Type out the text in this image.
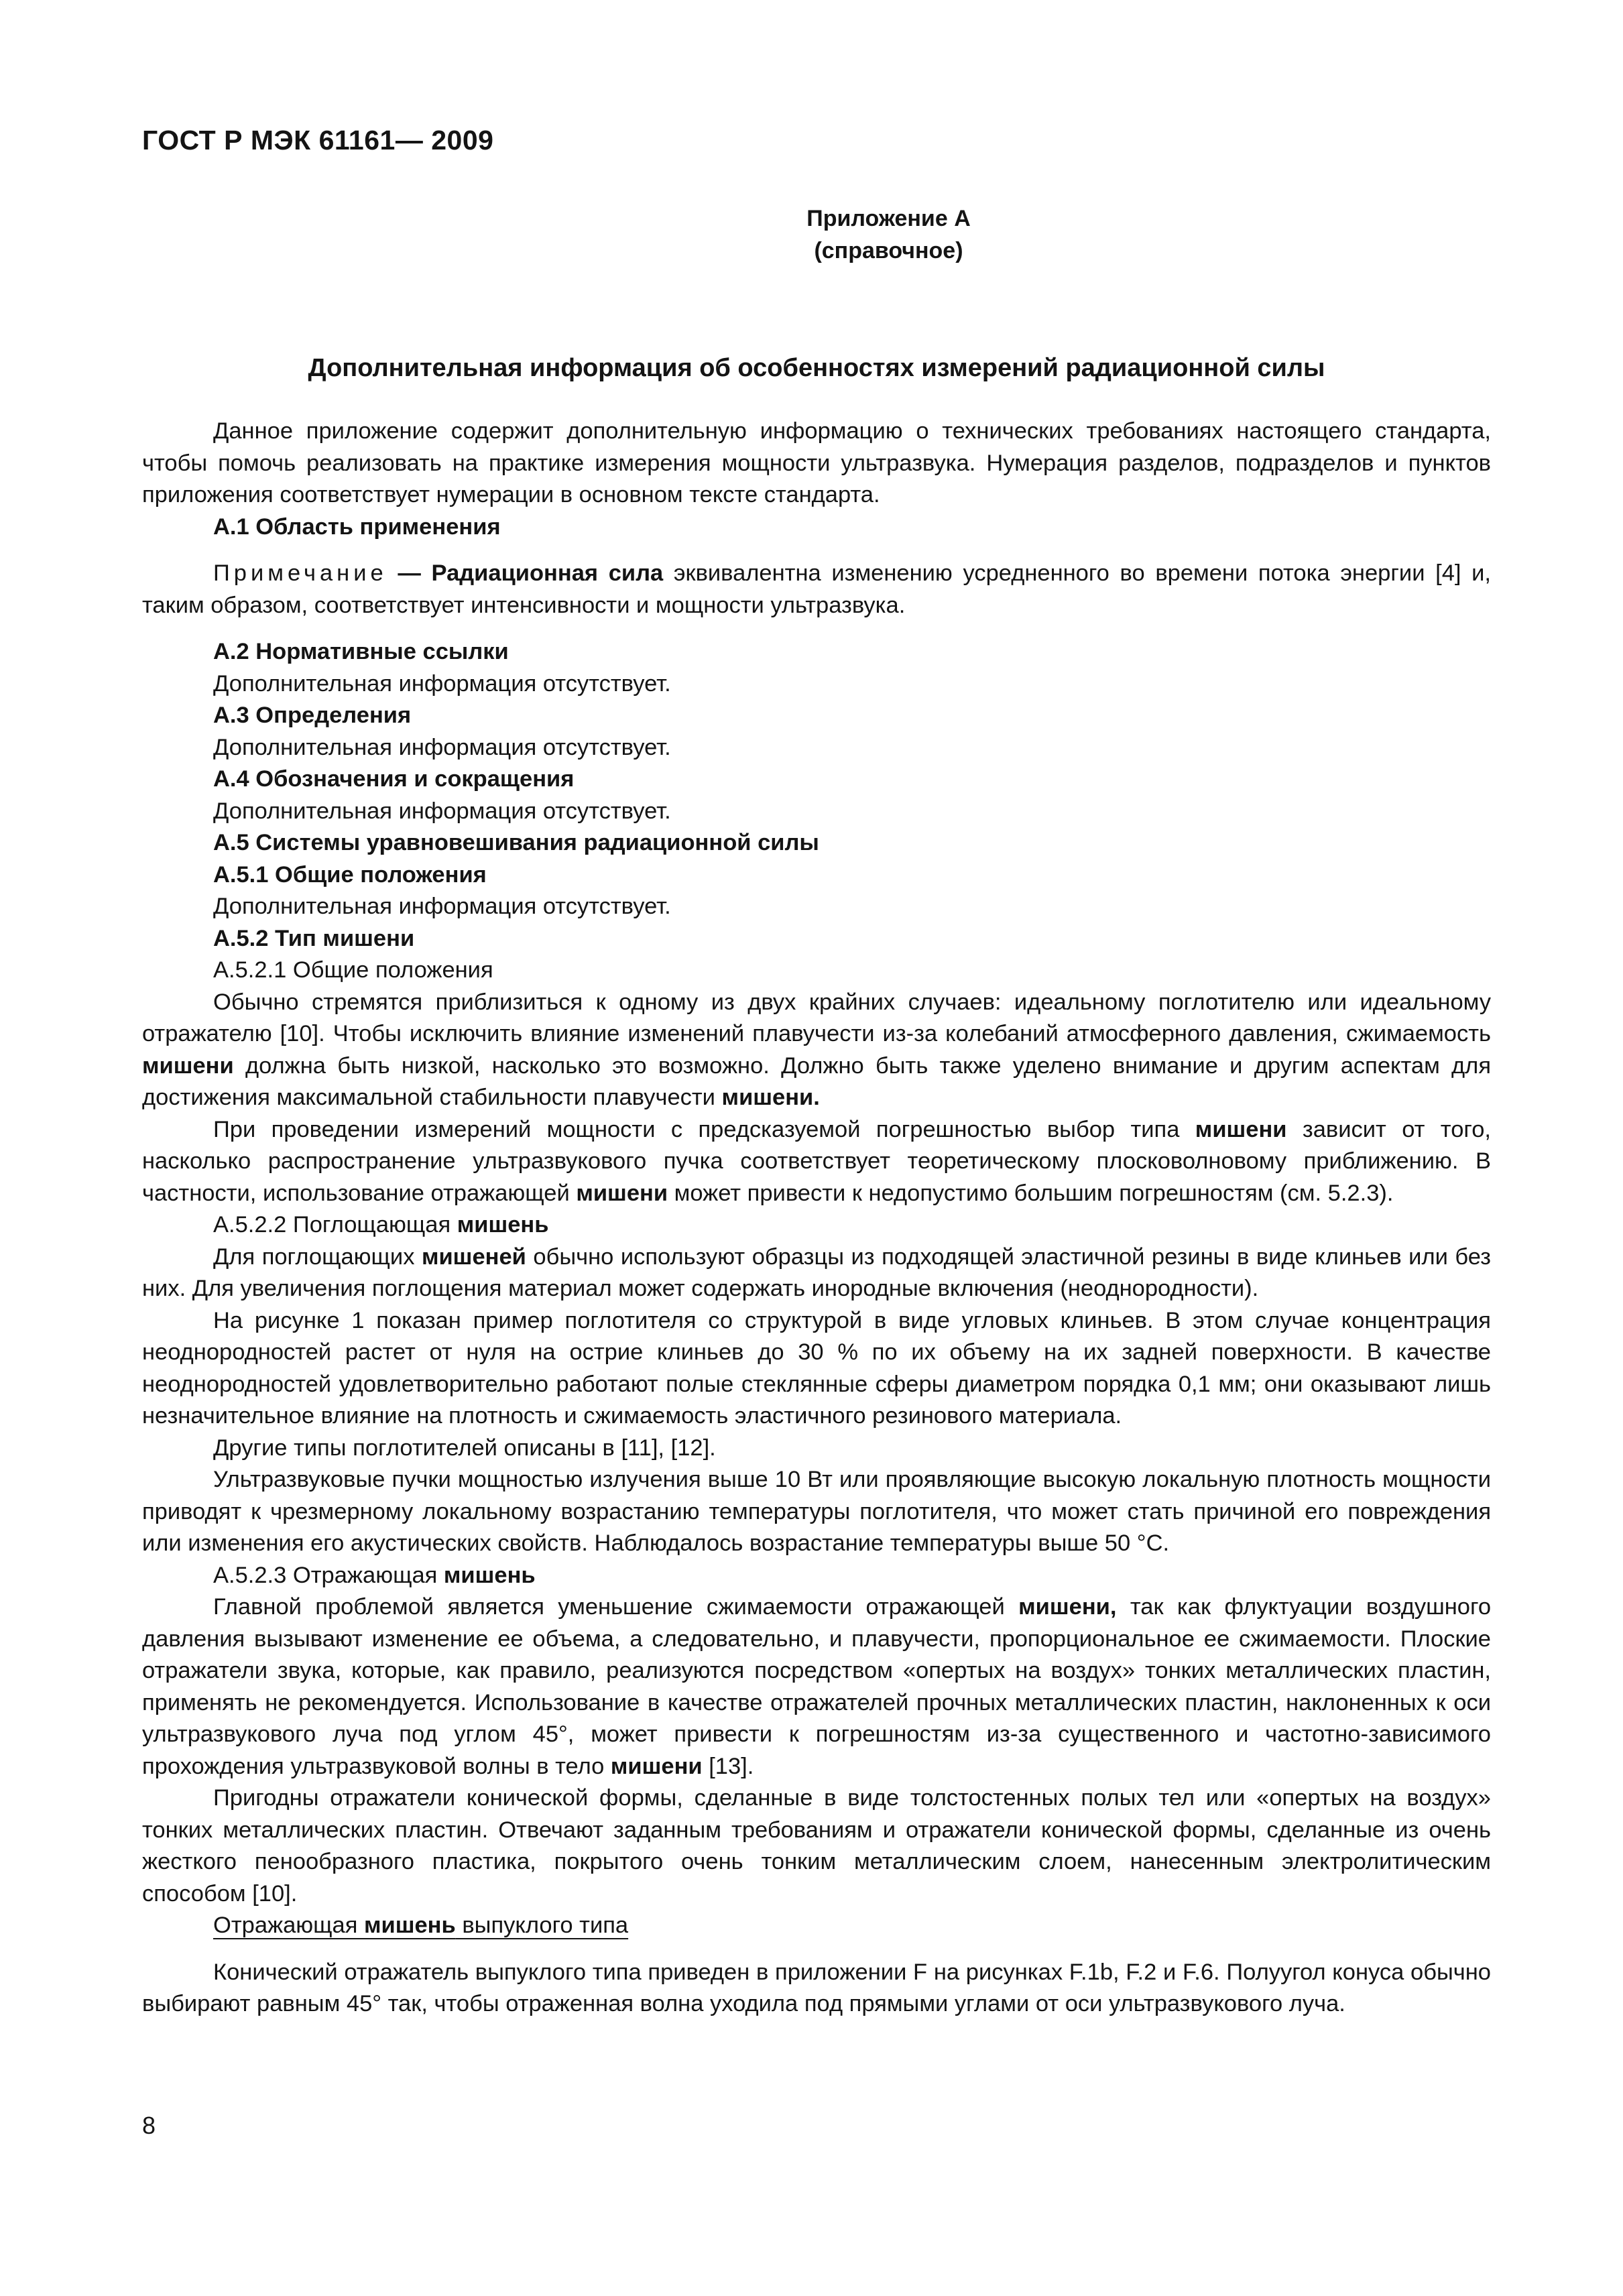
ГОСТ Р МЭК 61161— 2009
Приложение А
(справочное)
Дополнительная информация об особенностях измерений радиационной силы

Данное приложение содержит дополнительную информацию о технических требованиях настоящего стандарта, чтобы помочь реализовать на практике измерения мощности ультразвука. Нумерация разделов, подразделов и пунктов приложения соответствует нумерации в основном тексте стандарта.

А.1 Область применения

Примечание — Радиационная сила эквивалентна изменению усредненного во времени потока энергии [4] и, таким образом, соответствует интенсивности и мощности ультразвука.

А.2 Нормативные ссылки

Дополнительная информация отсутствует.

А.3 Определения

Дополнительная информация отсутствует.

А.4 Обозначения и сокращения

Дополнительная информация отсутствует.

А.5 Системы уравновешивания радиационной силы

А.5.1 Общие положения

Дополнительная информация отсутствует.

А.5.2 Тип мишени

А.5.2.1 Общие положения

Обычно стремятся приблизиться к одному из двух крайних случаев: идеальному поглотителю или идеальному отражателю [10]. Чтобы исключить влияние изменений плавучести из-за колебаний атмосферного давления, сжимаемость мишени должна быть низкой, насколько это возможно. Должно быть также уделено внимание и другим аспектам для достижения максимальной стабильности плавучести мишени.

При проведении измерений мощности с предсказуемой погрешностью выбор типа мишени зависит от того, насколько распространение ультразвукового пучка соответствует теоретическому плосковолновому приближению. В частности, использование отражающей мишени может привести к недопустимо большим погрешностям (см. 5.2.3).

А.5.2.2 Поглощающая мишень

Для поглощающих мишеней обычно используют образцы из подходящей эластичной резины в виде клиньев или без них. Для увеличения поглощения материал может содержать инородные включения (неоднородности).

На рисунке 1 показан пример поглотителя со структурой в виде угловых клиньев. В этом случае концентрация неоднородностей растет от нуля на острие клиньев до 30 % по их объему на их задней поверхности. В качестве неоднородностей удовлетворительно работают полые стеклянные сферы диаметром порядка 0,1 мм; они оказывают лишь незначительное влияние на плотность и сжимаемость эластичного резинового материала.

Другие типы поглотителей описаны в [11], [12].

Ультразвуковые пучки мощностью излучения выше 10 Вт или проявляющие высокую локальную плотность мощности приводят к чрезмерному локальному возрастанию температуры поглотителя, что может стать причиной его повреждения или изменения его акустических свойств. Наблюдалось возрастание температуры выше 50 °С.

А.5.2.3 Отражающая мишень

Главной проблемой является уменьшение сжимаемости отражающей мишени, так как флуктуации воздушного давления вызывают изменение ее объема, а следовательно, и плавучести, пропорциональное ее сжимаемости. Плоские отражатели звука, которые, как правило, реализуются посредством «опертых на воздух» тонких металлических пластин, применять не рекомендуется. Использование в качестве отражателей прочных металлических пластин, наклоненных к оси ультразвукового луча под углом 45°, может привести к погрешностям из-за существенного и частотно-зависимого прохождения ультразвуковой волны в тело мишени [13].

Пригодны отражатели конической формы, сделанные в виде толстостенных полых тел или «опертых на воздух» тонких металлических пластин. Отвечают заданным требованиям и отражатели конической формы, сделанные из очень жесткого пенообразного пластика, покрытого очень тонким металлическим слоем, нанесенным электролитическим способом [10].

Отражающая мишень выпуклого типа

Конический отражатель выпуклого типа приведен в приложении F на рисунках F.1b, F.2 и F.6. Полуугол конуса обычно выбирают равным 45° так, чтобы отраженная волна уходила под прямыми углами от оси ультразвукового луча.

8
